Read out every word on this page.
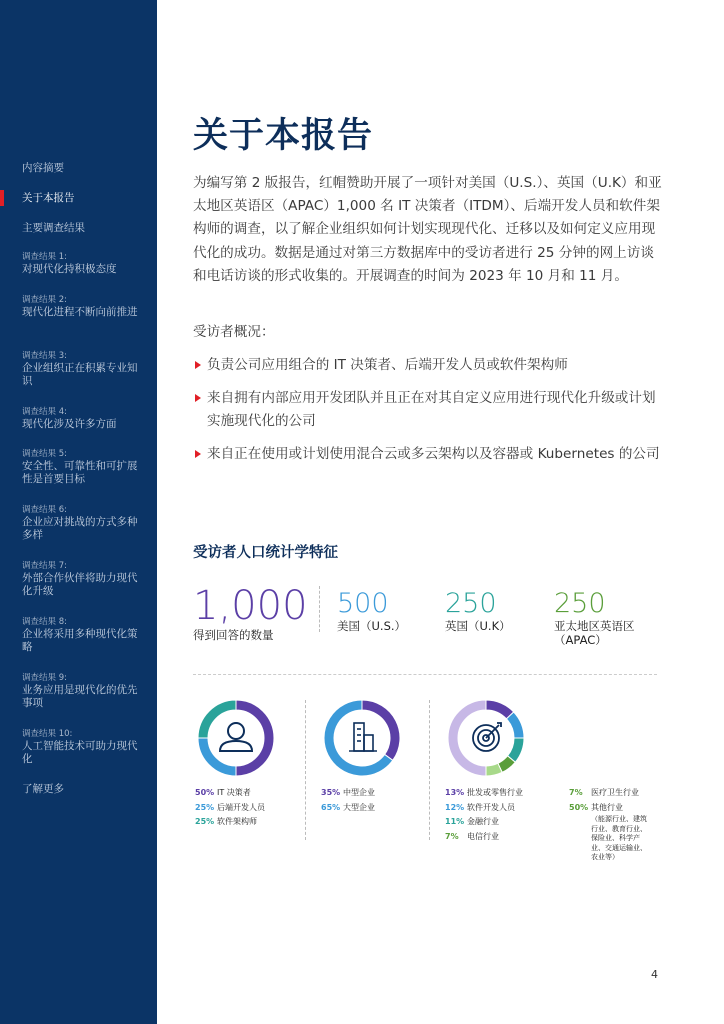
内容摘要
关于本报告
主要调查结果
调查结果 1:
对现代化持积极态度
调查结果 2:
现代化进程不断向前推进
调查结果 3:
企业组织正在积累专业知识
调查结果 4:
现代化涉及许多方面
调查结果 5:
安全性、可靠性和可扩展性是首要目标
调查结果 6:
企业应对挑战的方式多种多样
调查结果 7:
外部合作伙伴将助力现代化升级
调查结果 8:
企业将采用多种现代化策略
调查结果 9:
业务应用是现代化的优先事项
调查结果 10:
人工智能技术可助力现代化
了解更多
关于本报告

为编写第 2 版报告，红帽赞助开展了一项针对美国（U.S.）、英国（U.K）和亚太地区英语区（APAC）1,000 名 IT 决策者（ITDM）、后端开发人员和软件架构师的调查，以了解企业组织如何计划实现现代化、迁移以及如何定义应用现代化的成功。数据是通过对第三方数据库中的受访者进行 25 分钟的网上访谈和电话访谈的形式收集的。开展调查的时间为 2023 年 10 月和 11 月。

受访者概况：

负责公司应用组合的 IT 决策者、后端开发人员或软件架构师
来自拥有内部应用开发团队并且正在对其自定义应用进行现代化升级或计划实施现代化的公司
来自正在使用或计划使用混合云或多云架构以及容器或 Kubernetes 的公司
受访者人口统计学特征
1,000
得到回答的数量
500
美国（U.S.）
250
英国（U.K）
250
亚太地区英语区（APAC）
50% IT 决策者
25% 后端开发人员
25% 软件架构师
35% 中型企业
65% 大型企业
13% 批发或零售行业
12% 软件开发人员
11% 金融行业
7% 电信行业
7% 医疗卫生行业
50% 其他行业
（能源行业、建筑行业、教育行业、保险业、科学产业、交通运输业、农业等）
4
